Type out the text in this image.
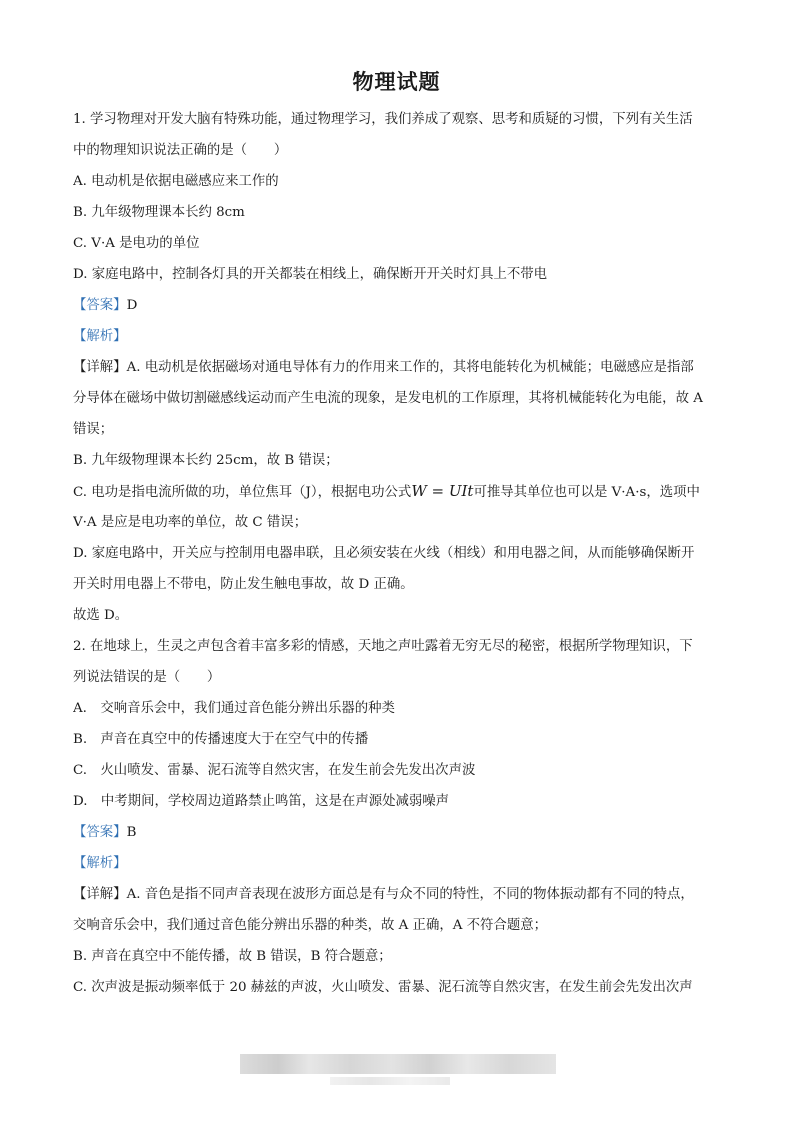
物理试题
1. 学习物理对开发大脑有特殊功能，通过物理学习，我们养成了观察、思考和质疑的习惯，下列有关生活
中的物理知识说法正确的是（　　）
A. 电动机是依据电磁感应来工作的
B. 九年级物理课本长约 8cm
C. V·A 是电功的单位
D. 家庭电路中，控制各灯具的开关都装在相线上，确保断开开关时灯具上不带电
【答案】D
【解析】
【详解】A. 电动机是依据磁场对通电导体有力的作用来工作的，其将电能转化为机械能；电磁感应是指部
分导体在磁场中做切割磁感线运动而产生电流的现象，是发电机的工作原理，其将机械能转化为电能，故 A
错误；
B. 九年级物理课本长约 25cm，故 B 错误；
C. 电功是指电流所做的功，单位焦耳（J），根据电功公式W = UIt可推导其单位也可以是 V·A·s，选项中
V·A 是应是电功率的单位，故 C 错误；
D. 家庭电路中，开关应与控制用电器串联，且必须安装在火线（相线）和用电器之间，从而能够确保断开
开关时用电器上不带电，防止发生触电事故，故 D 正确。
故选 D。
2. 在地球上，生灵之声包含着丰富多彩的情感，天地之声吐露着无穷无尽的秘密，根据所学物理知识，下
列说法错误的是（　　）
A.　交响音乐会中，我们通过音色能分辨出乐器的种类
B.　声音在真空中的传播速度大于在空气中的传播
C.　火山喷发、雷暴、泥石流等自然灾害，在发生前会先发出次声波
D.　中考期间，学校周边道路禁止鸣笛，这是在声源处减弱噪声
【答案】B
【解析】
【详解】A. 音色是指不同声音表现在波形方面总是有与众不同的特性，不同的物体振动都有不同的特点，
交响音乐会中，我们通过音色能分辨出乐器的种类，故 A 正确，A 不符合题意；
B. 声音在真空中不能传播，故 B 错误，B 符合题意；
C. 次声波是振动频率低于 20 赫兹的声波，火山喷发、雷暴、泥石流等自然灾害，在发生前会先发出次声
